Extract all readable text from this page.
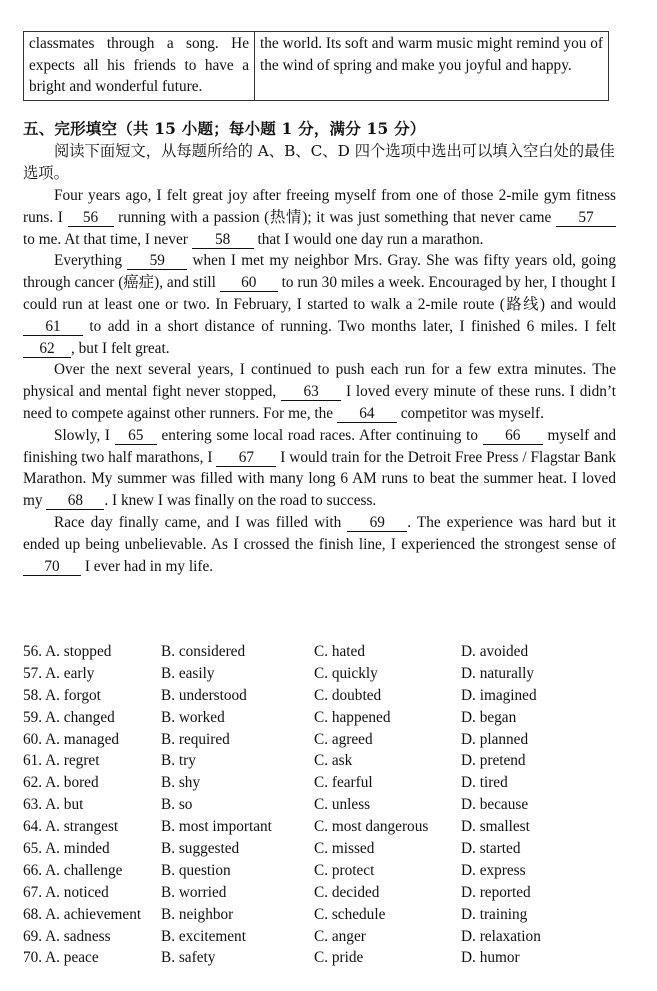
classmates through a song. He expects all his friends to have a bright and wonderful future.	the world. Its soft and warm music might remind you of the wind of spring and make you joyful and happy.
五、完形填空（共 15 小题；每小题 1 分，满分 15 分）
阅读下面短文，从每题所给的 A、B、C、D 四个选项中选出可以填入空白处的最佳选项。

Four years ago, I felt great joy after freeing myself from one of those 2-mile gym fitness runs. I 56 running with a passion (热情); it was just something that never came 57 to me. At that time, I never 58 that I would one day run a marathon.

Everything 59 when I met my neighbor Mrs. Gray. She was fifty years old, going through cancer (癌症), and still 60 to run 30 miles a week. Encouraged by her, I thought I could run at least one or two. In February, I started to walk a 2-mile route (路线) and would 61 to add in a short distance of running. Two months later, I finished 6 miles. I felt 62 , but I felt great.

Over the next several years, I continued to push each run for a few extra minutes. The physical and mental fight never stopped, 63 I loved every minute of these runs. I didn’t need to compete against other runners. For me, the 64 competitor was myself.

Slowly, I 65 entering some local road races. After continuing to 66 myself and finishing two half marathons, I 67 I would train for the Detroit Free Press / Flagstar Bank Marathon. My summer was filled with many long 6 AM runs to beat the summer heat. I loved my 68 . I knew I was finally on the road to success.

Race day finally came, and I was filled with 69 . The experience was hard but it ended up being unbelievable. As I crossed the finish line, I experienced the strongest sense of 70 I ever had in my life.

56. A. stopped	B. considered	C. hated	D. avoided
57. A. early	B. easily	C. quickly	D. naturally
58. A. forgot	B. understood	C. doubted	D. imagined
59. A. changed	B. worked	C. happened	D. began
60. A. managed	B. required	C. agreed	D. planned
61. A. regret	B. try	C. ask	D. pretend
62. A. bored	B. shy	C. fearful	D. tired
63. A. but	B. so	C. unless	D. because
64. A. strangest	B. most important	C. most dangerous D. smallest
65. A. minded	B. suggested	C. missed	D. started
66. A. challenge	B. question	C. protect	D. express
67. A. noticed	B. worried	C. decided	D. reported
68. A. achievement B. neighbor	C. schedule	D. training
69. A. sadness	B. excitement	C. anger	D. relaxation
70. A. peace	B. safety	C. pride	D. humor
